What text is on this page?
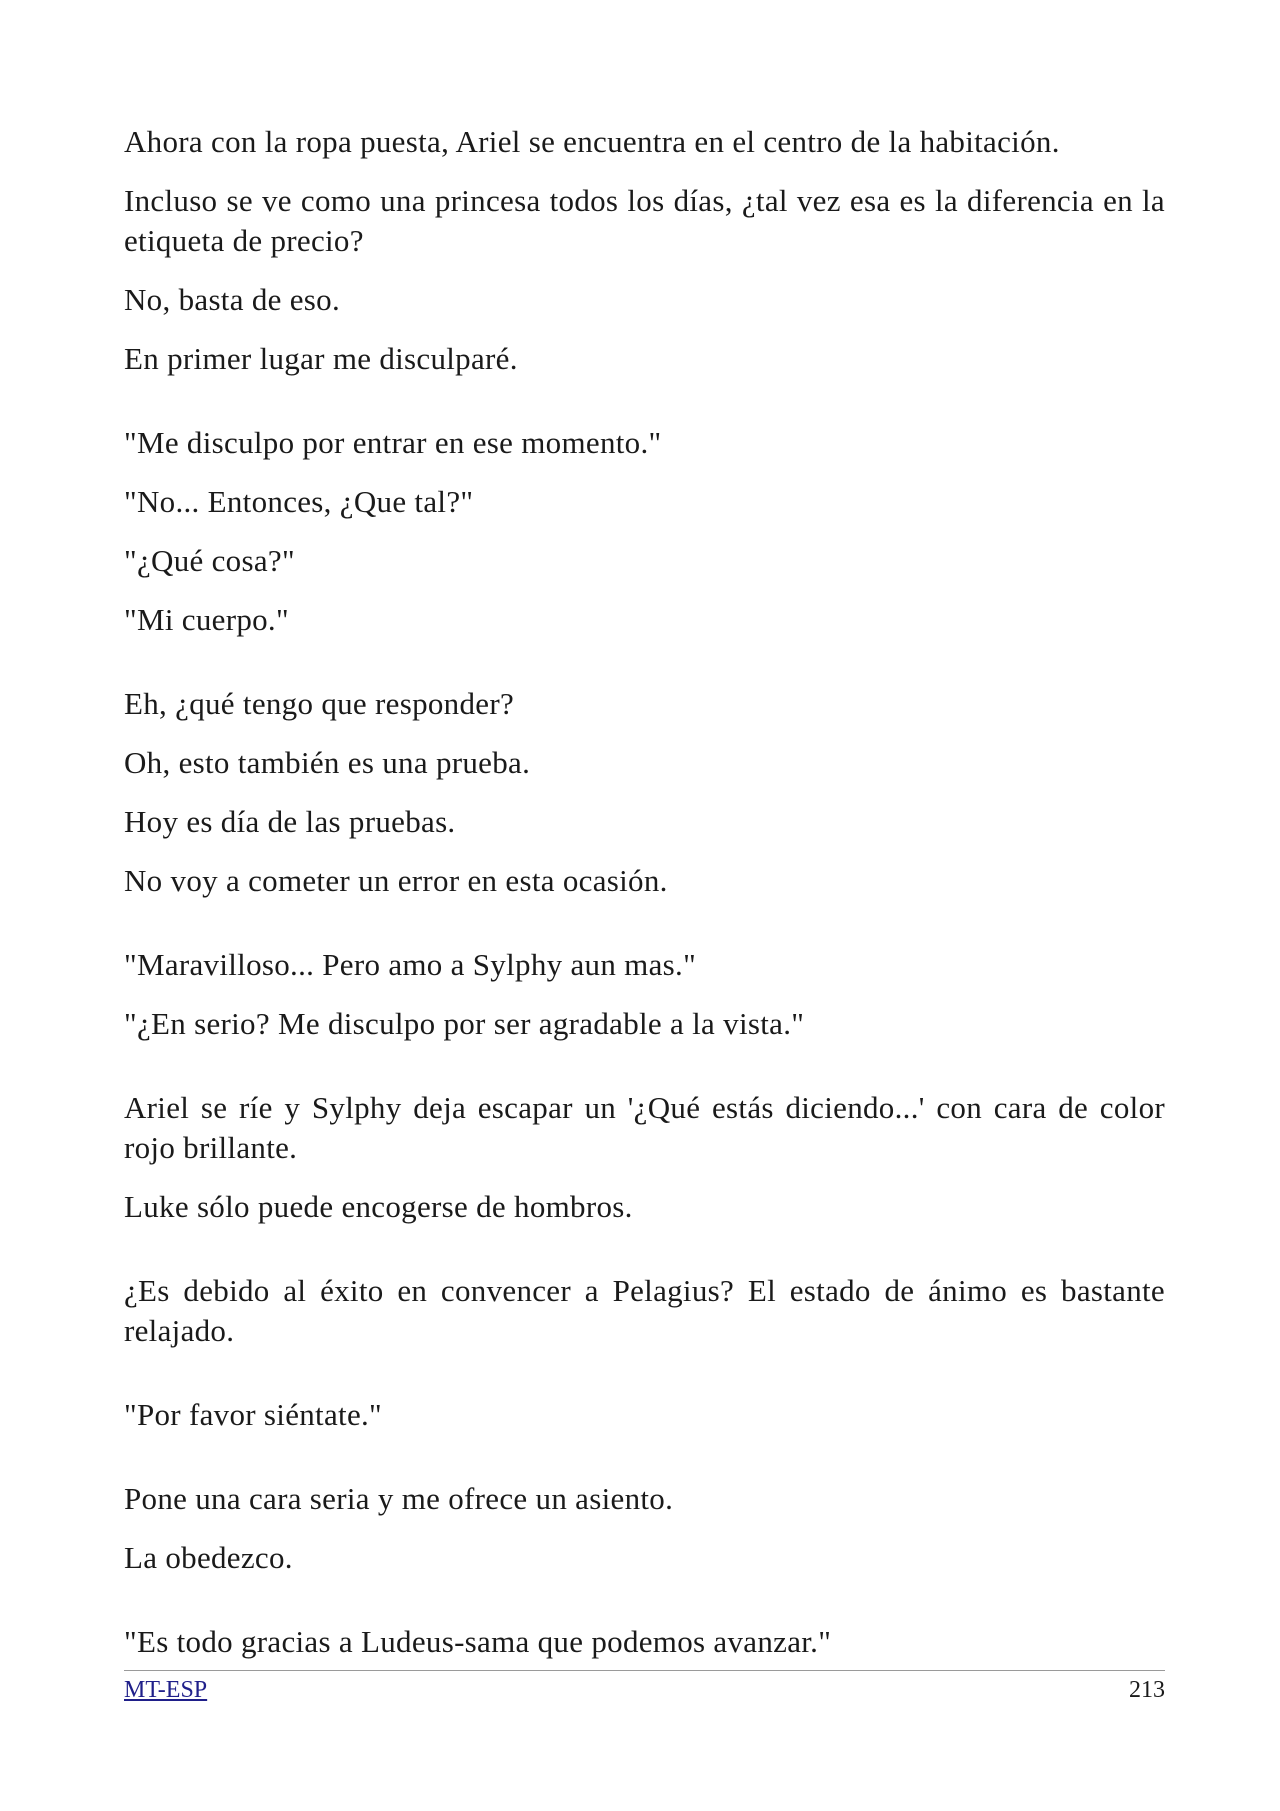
Ahora con la ropa puesta, Ariel se encuentra en el centro de la habitación.

Incluso se ve como una princesa todos los días, ¿tal vez esa es la diferencia en la etiqueta de precio?

No, basta de eso.

En primer lugar me disculparé.

"Me disculpo por entrar en ese momento."

"No... Entonces, ¿Que tal?"

"¿Qué cosa?"

"Mi cuerpo."

Eh, ¿qué tengo que responder?

Oh, esto también es una prueba.

Hoy es día de las pruebas.

No voy a cometer un error en esta ocasión.

"Maravilloso... Pero amo a Sylphy aun mas."

"¿En serio? Me disculpo por ser agradable a la vista."

Ariel se ríe y Sylphy deja escapar un '¿Qué estás diciendo...' con cara de color rojo brillante.

Luke sólo puede encogerse de hombros.

¿Es debido al éxito en convencer a Pelagius? El estado de ánimo es bastante relajado.

"Por favor siéntate."

Pone una cara seria y me ofrece un asiento.

La obedezco.

"Es todo gracias a Ludeus-sama que podemos avanzar."

MT-ESP	213
